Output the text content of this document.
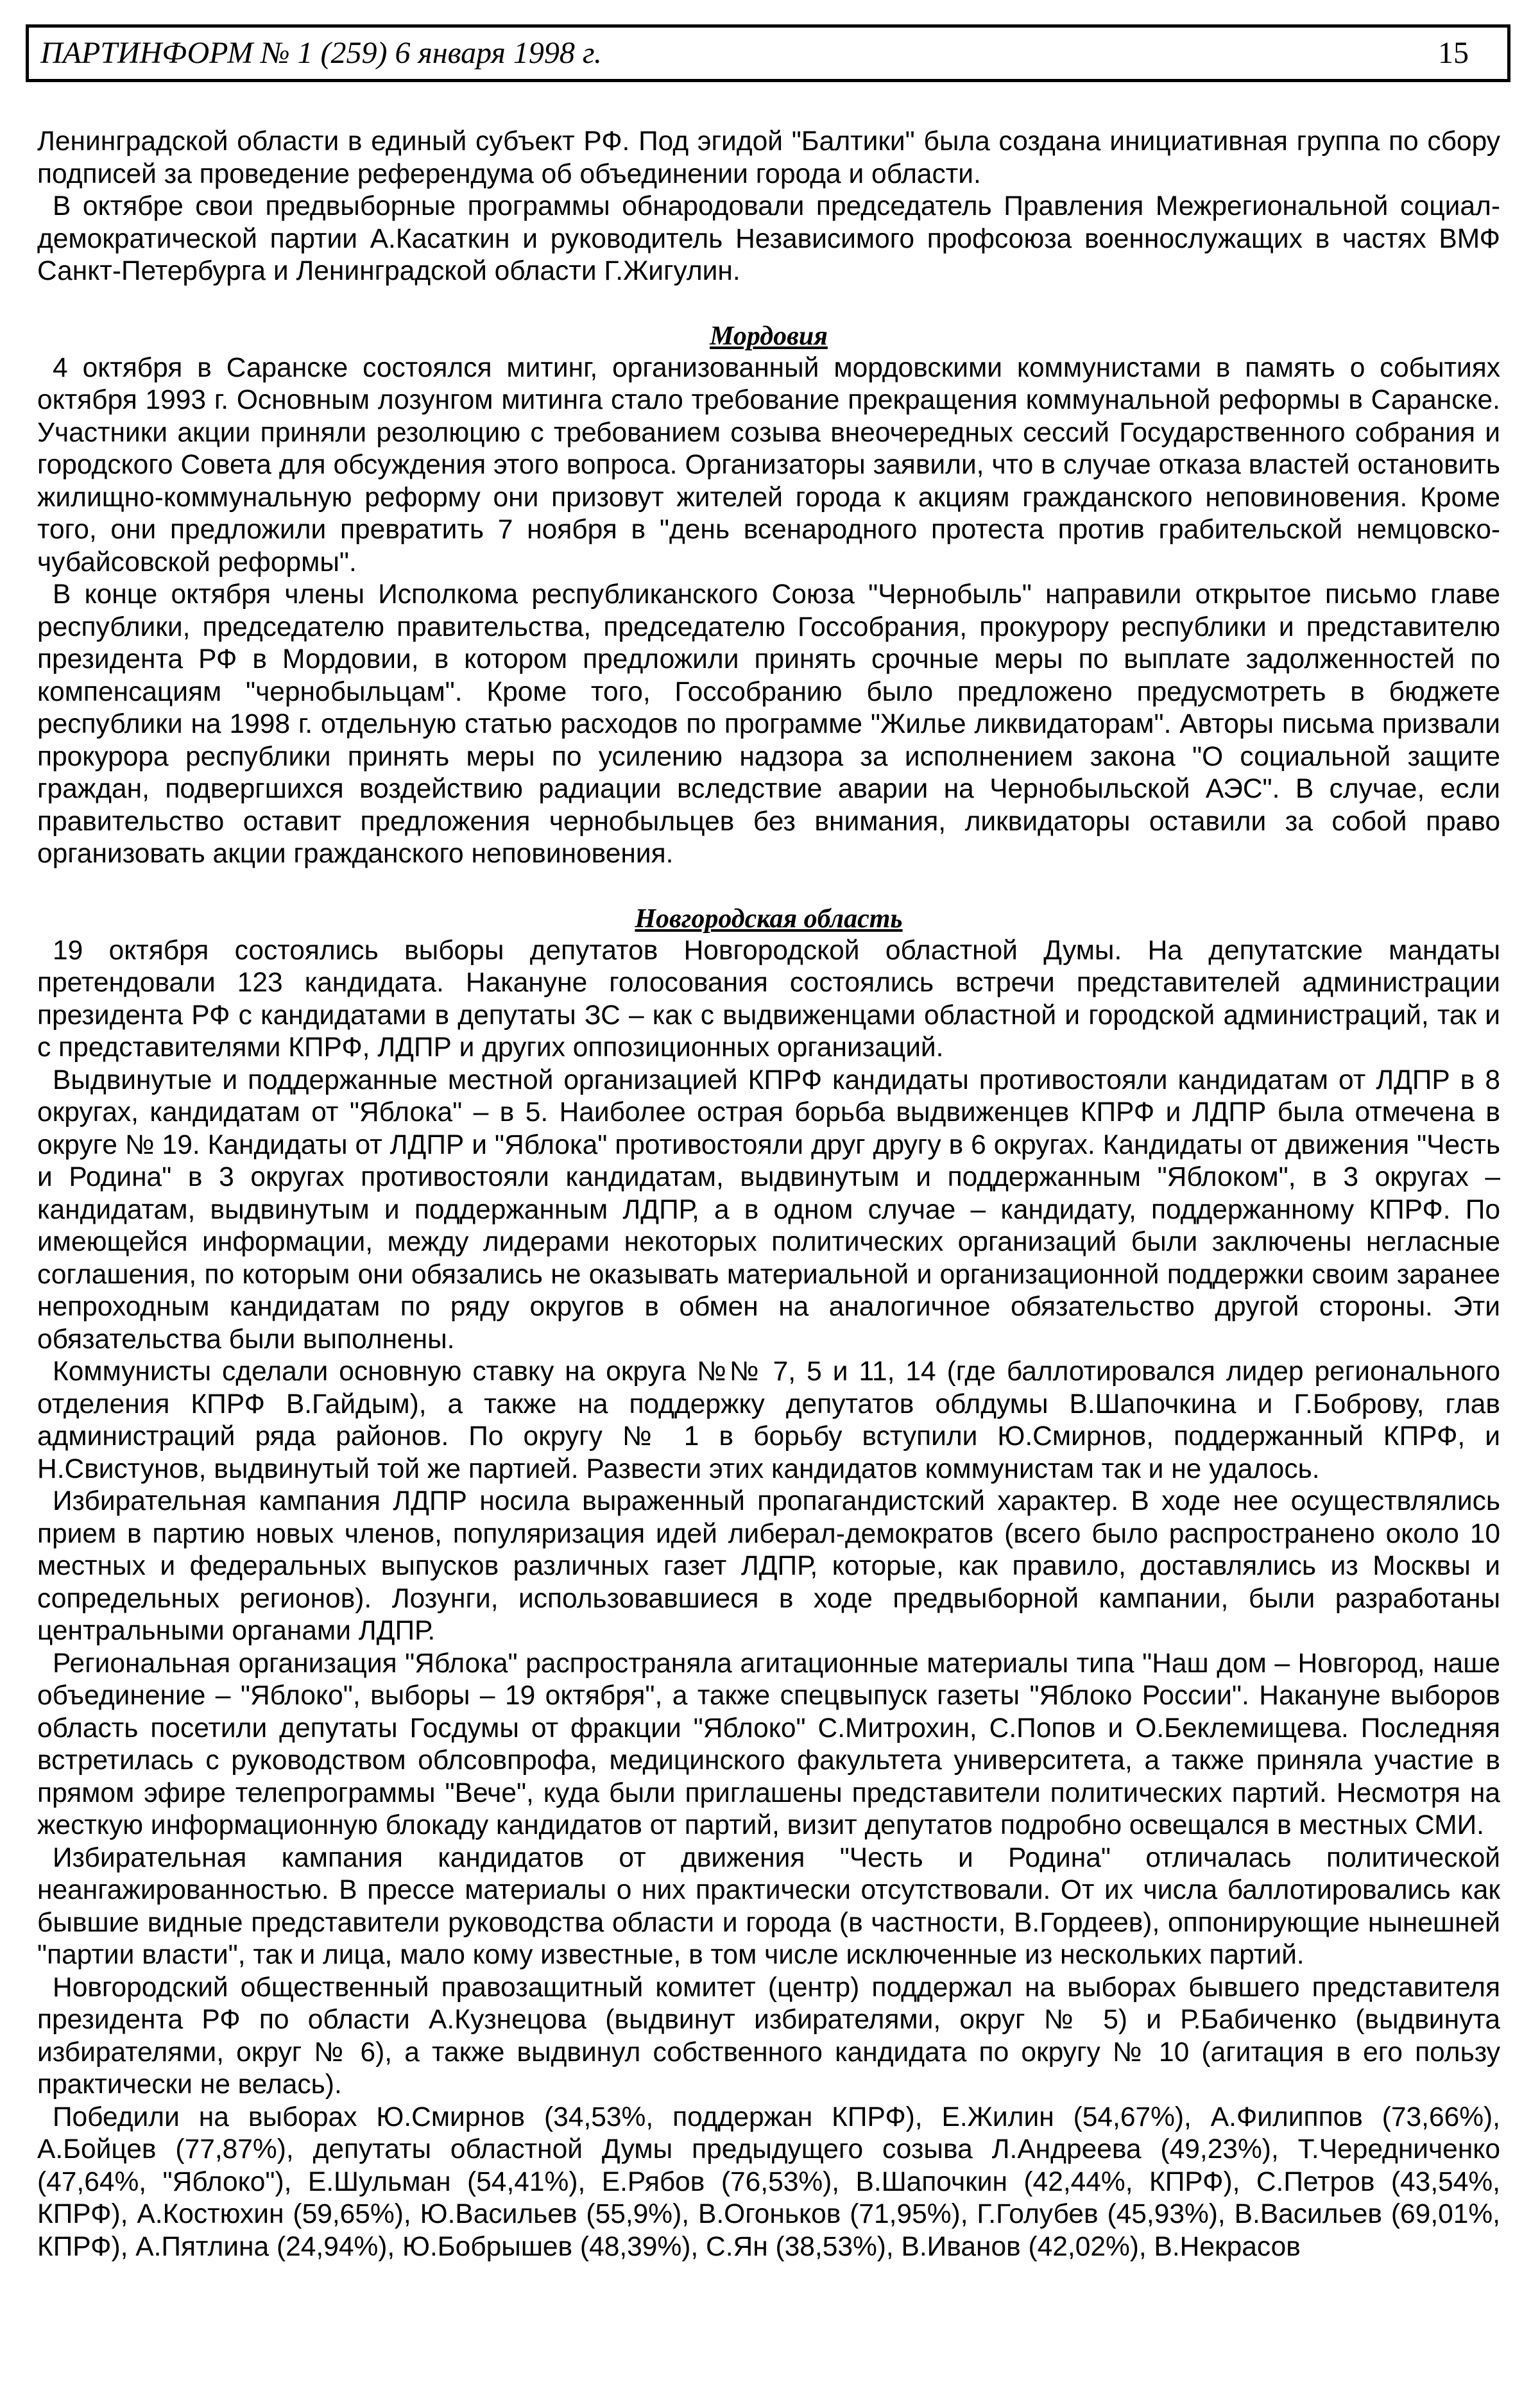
ПАРТИНФОРМ № 1 (259) 6 января 1998 г.	15

Ленинградской области в единый субъект РФ. Под эгидой "Балтики" была создана инициативная группа по сбору подписей за проведение референдума об объединении города и области.

В октябре свои предвыборные программы обнародовали председатель Правления Межрегиональной социал-демократической партии А.Касаткин и руководитель Независимого профсоюза военнослужащих в частях ВМФ Санкт-Петербурга и Ленинградской области Г.Жигулин.

Мордовия

4 октября в Саранске состоялся митинг, организованный мордовскими коммунистами в память о событиях октября 1993 г. Основным лозунгом митинга стало требование прекращения коммунальной реформы в Саранске. Участники акции приняли резолюцию с требованием созыва внеочередных сессий Государственного собрания и городского Совета для обсуждения этого вопроса. Организаторы заявили, что в случае отказа властей остановить жилищно-коммунальную реформу они призовут жителей города к акциям гражданского неповиновения. Кроме того, они предложили превратить 7 ноября в "день всенародного протеста против грабительской немцовско-чубайсовской реформы".

В конце октября члены Исполкома республиканского Союза "Чернобыль" направили открытое письмо главе республики, председателю правительства, председателю Госсобрания, прокурору республики и представителю президента РФ в Мордовии, в котором предложили принять срочные меры по выплате задолженностей по компенсациям "чернобыльцам". Кроме того, Госсобранию было предложено предусмотреть в бюджете республики на 1998 г. отдельную статью расходов по программе "Жилье ликвидаторам". Авторы письма призвали прокурора республики принять меры по усилению надзора за исполнением закона "О социальной защите граждан, подвергшихся воздействию радиации вследствие аварии на Чернобыльской АЭС". В случае, если правительство оставит предложения чернобыльцев без внимания, ликвидаторы оставили за собой право организовать акции гражданского неповиновения.

Новгородская область

19 октября состоялись выборы депутатов Новгородской областной Думы. На депутатские мандаты претендовали 123 кандидата. Накануне голосования состоялись встречи представителей администрации президента РФ с кандидатами в депутаты ЗС – как с выдвиженцами областной и городской администраций, так и с представителями КПРФ, ЛДПР и других оппозиционных организаций.

Выдвинутые и поддержанные местной организацией КПРФ кандидаты противостояли кандидатам от ЛДПР в 8 округах, кандидатам от "Яблока" – в 5. Наиболее острая борьба выдвиженцев КПРФ и ЛДПР была отмечена в округе № 19. Кандидаты от ЛДПР и "Яблока" противостояли друг другу в 6 округах. Кандидаты от движения "Честь и Родина" в 3 округах противостояли кандидатам, выдвинутым и поддержанным "Яблоком", в 3 округах – кандидатам, выдвинутым и поддержанным ЛДПР, а в одном случае – кандидату, поддержанному КПРФ. По имеющейся информации, между лидерами некоторых политических организаций были заключены негласные соглашения, по которым они обязались не оказывать материальной и организационной поддержки своим заранее непроходным кандидатам по ряду округов в обмен на аналогичное обязательство другой стороны. Эти обязательства были выполнены.

Коммунисты сделали основную ставку на округа №№ 7, 5 и 11, 14 (где баллотировался лидер регионального отделения КПРФ В.Гайдым), а также на поддержку депутатов облдумы В.Шапочкина и Г.Боброву, глав администраций ряда районов. По округу № 1 в борьбу вступили Ю.Смирнов, поддержанный КПРФ, и Н.Свистунов, выдвинутый той же партией. Развести этих кандидатов коммунистам так и не удалось.

Избирательная кампания ЛДПР носила выраженный пропагандистский характер. В ходе нее осуществлялись прием в партию новых членов, популяризация идей либерал-демократов (всего было распространено около 10 местных и федеральных выпусков различных газет ЛДПР, которые, как правило, доставлялись из Москвы и сопредельных регионов). Лозунги, использовавшиеся в ходе предвыборной кампании, были разработаны центральными органами ЛДПР.

Региональная организация "Яблока" распространяла агитационные материалы типа "Наш дом – Новгород, наше объединение – "Яблоко", выборы – 19 октября", а также спецвыпуск газеты "Яблоко России". Накануне выборов область посетили депутаты Госдумы от фракции "Яблоко" С.Митрохин, С.Попов и О.Беклемищева. Последняя встретилась с руководством облсовпрофа, медицинского факультета университета, а также приняла участие в прямом эфире телепрограммы "Вече", куда были приглашены представители политических партий. Несмотря на жесткую информационную блокаду кандидатов от партий, визит депутатов подробно освещался в местных СМИ.

Избирательная кампания кандидатов от движения "Честь и Родина" отличалась политической неангажированностью. В прессе материалы о них практически отсутствовали. От их числа баллотировались как бывшие видные представители руководства области и города (в частности, В.Гордеев), оппонирующие нынешней "партии власти", так и лица, мало кому известные, в том числе исключенные из нескольких партий.

Новгородский общественный правозащитный комитет (центр) поддержал на выборах бывшего представителя президента РФ по области А.Кузнецова (выдвинут избирателями, округ № 5) и Р.Бабиченко (выдвинута избирателями, округ № 6), а также выдвинул собственного кандидата по округу № 10 (агитация в его пользу практически не велась).

Победили на выборах Ю.Смирнов (34,53%, поддержан КПРФ), Е.Жилин (54,67%), А.Филиппов (73,66%), А.Бойцев (77,87%), депутаты областной Думы предыдущего созыва Л.Андреева (49,23%), Т.Чередниченко (47,64%, "Яблоко"), Е.Шульман (54,41%), Е.Рябов (76,53%), В.Шапочкин (42,44%, КПРФ), С.Петров (43,54%, КПРФ), А.Костюхин (59,65%), Ю.Васильев (55,9%), В.Огоньков (71,95%), Г.Голубев (45,93%), В.Васильев (69,01%, КПРФ), А.Пятлина (24,94%), Ю.Бобрышев (48,39%), С.Ян (38,53%), В.Иванов (42,02%), В.Некрасов
